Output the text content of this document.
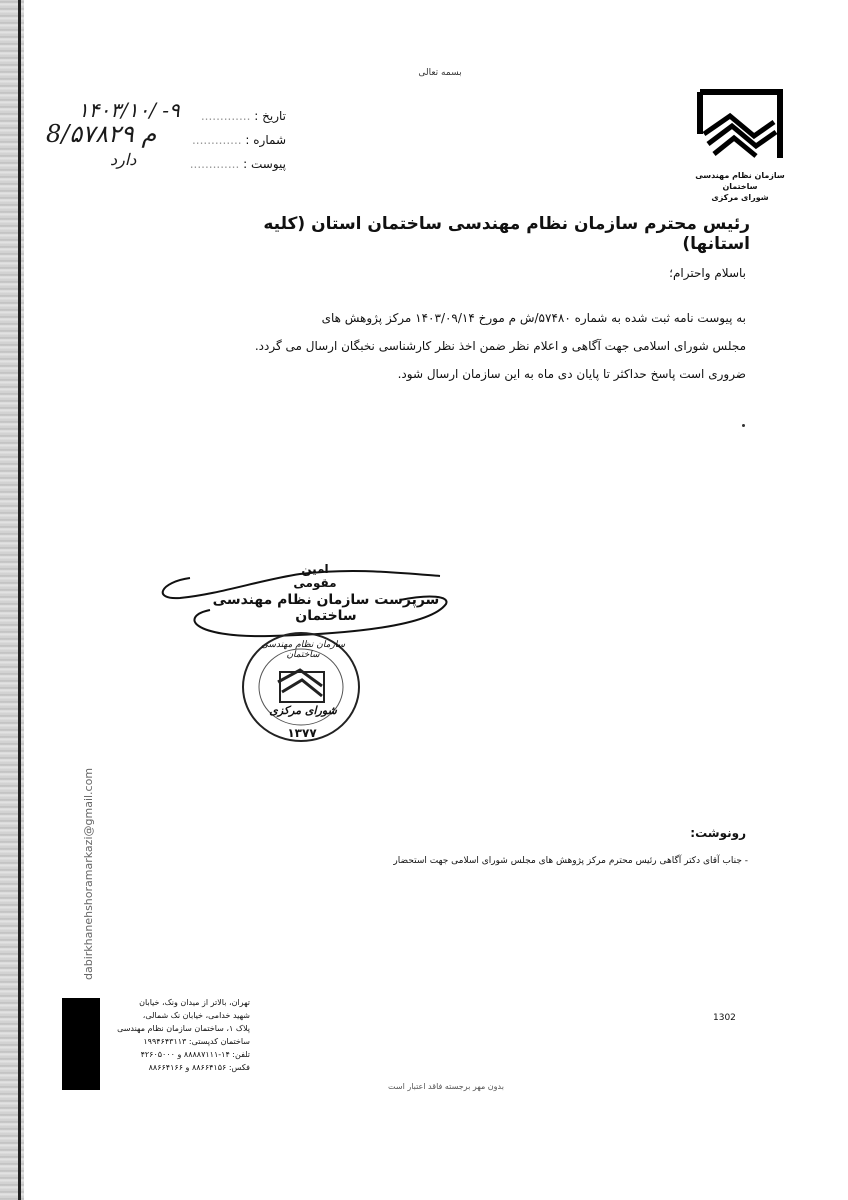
بسمه تعالی
سازمان نظام مهندسی ساختمان
شورای مرکزی
تاریخ : .............
شماره : .............
پیوست : .............
۱۴۰۳/۱۰/ -۹
8/۵۷۸۲۹ م
دارد
رئیس محترم سازمان نظام مهندسی ساختمان استان (کلیه استانها)
باسلام واحترام؛

به پیوست نامه ثبت شده به شماره ۵۷۴۸۰/ش م مورخ ۱۴۰۳/۰۹/۱۴ مرکز پژوهش های

مجلس شورای اسلامی جهت آگاهی و اعلام نظر ضمن اخذ نظر کارشناسی نخبگان ارسال می گردد.

ضروری است پاسخ حداکثر تا پایان دی ماه به این سازمان ارسال شود.

امین مقومی
سرپرست سازمان نظام مهندسی ساختمان
سازمان نظام مهندسی ساختمان
شورای مرکزی
۱۳۷۷
dabirkhanehshoramarkazi@gmail.com	رونوشت:
- جناب آقای دکتر آگاهی رئیس محترم مرکز پژوهش های مجلس شورای اسلامی جهت استحضار
1302
بدون مهر برجسته فاقد اعتبار است
تهران، بالاتر از میدان ونک، خیابان
شهید خدامی، خیابان نک شمالی،
پلاک ۱، ساختمان سازمان نظام مهندسی
ساختمان کدپستی: ۱۹۹۴۶۴۳۱۱۳
تلفن: ۱۴-۸۸۸۸۷۱۱۱ و ۴۲۶۰۵۰۰۰
فکس: ۸۸۶۶۴۱۵۶ و ۸۸۶۶۴۱۶۶
